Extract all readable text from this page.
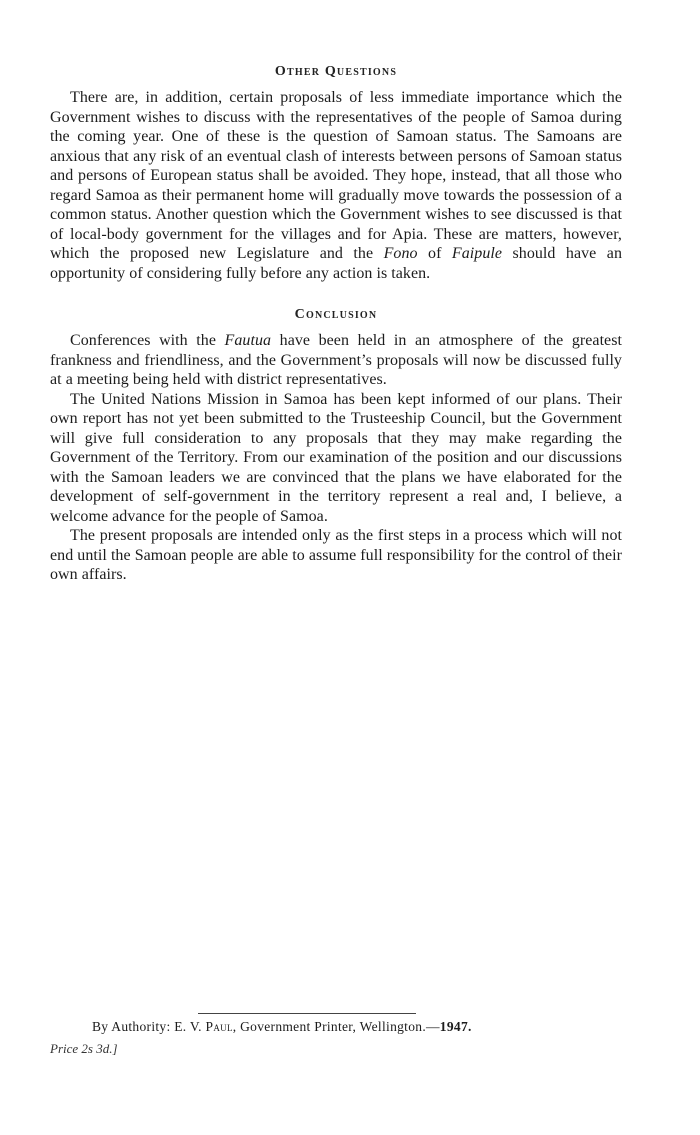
Other Questions

There are, in addition, certain proposals of less immediate importance which the Government wishes to discuss with the representatives of the people of Samoa during the coming year. One of these is the question of Samoan status. The Samoans are anxious that any risk of an eventual clash of interests between persons of Samoan status and persons of European status shall be avoided. They hope, instead, that all those who regard Samoa as their permanent home will gradually move towards the possession of a common status. Another question which the Government wishes to see discussed is that of local-body government for the villages and for Apia. These are matters, however, which the proposed new Legislature and the Fono of Faipule should have an opportunity of considering fully before any action is taken.

Conclusion

Conferences with the Fautua have been held in an atmosphere of the greatest frankness and friendliness, and the Government’s proposals will now be discussed fully at a meeting being held with district representatives.

The United Nations Mission in Samoa has been kept informed of our plans. Their own report has not yet been submitted to the Trusteeship Council, but the Government will give full consideration to any proposals that they may make regarding the Government of the Territory. From our examination of the position and our discussions with the Samoan leaders we are convinced that the plans we have elaborated for the development of self-government in the territory represent a real and, I believe, a welcome advance for the people of Samoa.

The present proposals are intended only as the first steps in a process which will not end until the Samoan people are able to assume full responsibility for the control of their own affairs.

By Authority: E. V. Paul, Government Printer, Wellington.—1947.
Price 2s 3d.]
